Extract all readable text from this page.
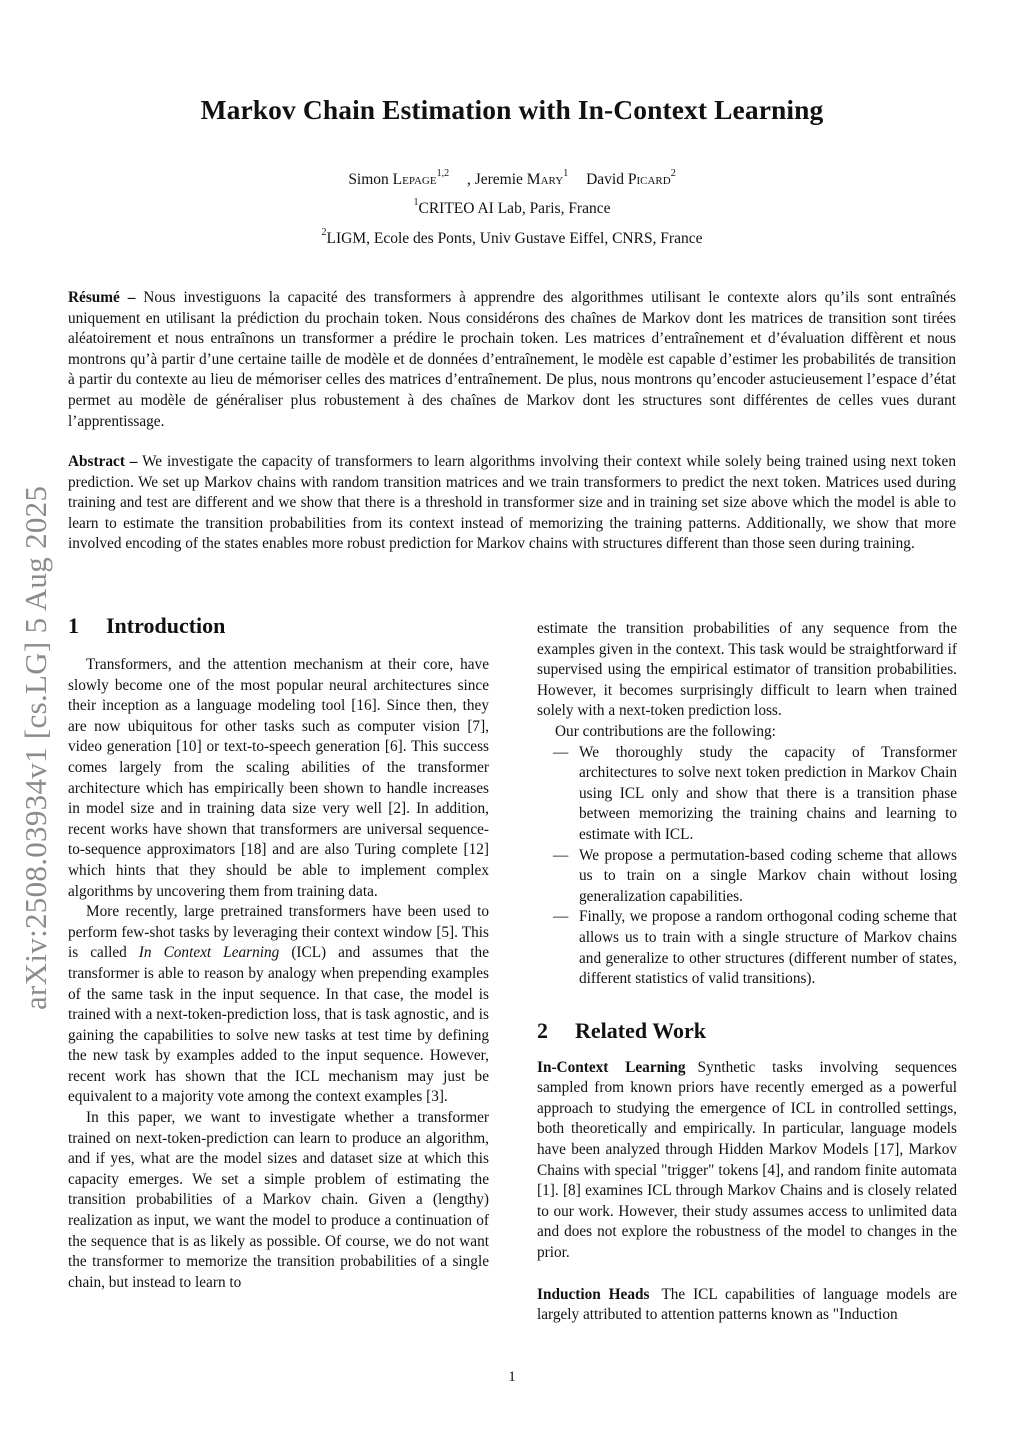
arXiv:2508.03934v1 [cs.LG] 5 Aug 2025
Markov Chain Estimation with In-Context Learning
Simon Lepage$^{1,2}$ , Jeremie Mary$^1$ David Picard$^2$
$^1$CRITEO AI Lab, Paris, France
$^2$LIGM, Ecole des Ponts, Univ Gustave Eiffel, CNRS, France

Résumé – Nous investiguons la capacité des transformers à apprendre des algorithmes utilisant le contexte alors qu’ils sont entraînés uniquement en utilisant la prédiction du prochain token. Nous considérons des chaînes de Markov dont les matrices de transition sont tirées aléatoirement et nous entraînons un transformer a prédire le prochain token. Les matrices d’entraînement et d’évaluation diffèrent et nous montrons qu’à partir d’une certaine taille de modèle et de données d’entraînement, le modèle est capable d’estimer les probabilités de transition à partir du contexte au lieu de mémoriser celles des matrices d’entraînement. De plus, nous montrons qu’encoder astucieusement l’espace d’état permet au modèle de généraliser plus robustement à des chaînes de Markov dont les structures sont différentes de celles vues durant l’apprentissage.

Abstract – We investigate the capacity of transformers to learn algorithms involving their context while solely being trained using next token prediction. We set up Markov chains with random transition matrices and we train transformers to predict the next token. Matrices used during training and test are different and we show that there is a threshold in transformer size and in training set size above which the model is able to learn to estimate the transition probabilities from its context instead of memorizing the training patterns. Additionally, we show that more involved encoding of the states enables more robust prediction for Markov chains with structures different than those seen during training.

1 Introduction

Transformers, and the attention mechanism at their core, have slowly become one of the most popular neural architectures since their inception as a language modeling tool [16]. Since then, they are now ubiquitous for other tasks such as computer vision [7], video generation [10] or text-to-speech generation [6]. This success comes largely from the scaling abilities of the transformer architecture which has empirically been shown to handle increases in model size and in training data size very well [2]. In addition, recent works have shown that transformers are universal sequence-to-sequence approximators [18] and are also Turing complete [12] which hints that they should be able to implement complex algorithms by uncovering them from training data.

More recently, large pretrained transformers have been used to perform few-shot tasks by leveraging their context window [5]. This is called In Context Learning (ICL) and assumes that the transformer is able to reason by analogy when prepending examples of the same task in the input sequence. In that case, the model is trained with a next-token-prediction loss, that is task agnostic, and is gaining the capabilities to solve new tasks at test time by defining the new task by examples added to the input sequence. However, recent work has shown that the ICL mechanism may just be equivalent to a majority vote among the context examples [3].

In this paper, we want to investigate whether a transformer trained on next-token-prediction can learn to produce an algorithm, and if yes, what are the model sizes and dataset size at which this capacity emerges. We set a simple problem of estimating the transition probabilities of a Markov chain. Given a (lengthy) realization as input, we want the model to produce a continuation of the sequence that is as likely as possible. Of course, we do not want the transformer to memorize the transition probabilities of a single chain, but instead to learn to

estimate the transition probabilities of any sequence from the examples given in the context. This task would be straightforward if supervised using the empirical estimator of transition probabilities. However, it becomes surprisingly difficult to learn when trained solely with a next-token prediction loss.

Our contributions are the following:

— We thoroughly study the capacity of Transformer architectures to solve next token prediction in Markov Chain using ICL only and show that there is a transition phase between memorizing the training chains and learning to estimate with ICL.
— We propose a permutation-based coding scheme that allows us to train on a single Markov chain without losing generalization capabilities.
— Finally, we propose a random orthogonal coding scheme that allows us to train with a single structure of Markov chains and generalize to other structures (different number of states, different statistics of valid transitions).
2 Related Work

In-Context Learning Synthetic tasks involving sequences sampled from known priors have recently emerged as a powerful approach to studying the emergence of ICL in controlled settings, both theoretically and empirically. In particular, language models have been analyzed through Hidden Markov Models [17], Markov Chains with special "trigger" tokens [4], and random finite automata [1]. [8] examines ICL through Markov Chains and is closely related to our work. However, their study assumes access to unlimited data and does not explore the robustness of the model to changes in the prior.

Induction Heads The ICL capabilities of language models are largely attributed to attention patterns known as "Induction

1
